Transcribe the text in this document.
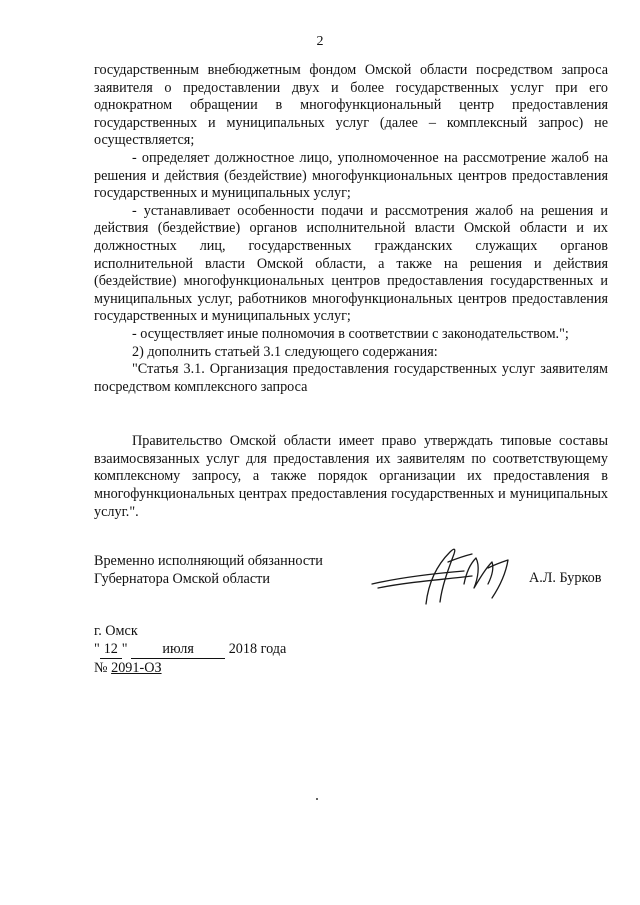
2

государственным внебюджетным фондом Омской области посредством запроса заявителя о предоставлении двух и более государственных услуг при его однократном обращении в многофункциональный центр предоставления государственных и муниципальных услуг (далее – комплексный запрос) не осуществляется;

- определяет должностное лицо, уполномоченное на рассмотрение жалоб на решения и действия (бездействие) многофункциональных центров предоставления государственных и муниципальных услуг;

- устанавливает особенности подачи и рассмотрения жалоб на решения и действия (бездействие) органов исполнительной власти Омской области и их должностных лиц, государственных гражданских служащих органов исполнительной власти Омской области, а также на решения и действия (бездействие) многофункциональных центров предоставления государственных и муниципальных услуг, работников многофункциональных центров предоставления государственных и муниципальных услуг;

- осуществляет иные полномочия в соответствии с законодательством.";

2) дополнить статьей 3.1 следующего содержания:

"Статья 3.1. Организация предоставления государственных услуг заявителям посредством комплексного запроса

Правительство Омской области имеет право утверждать типовые составы взаимосвязанных услуг для предоставления их заявителям по соответствующему комплексному запросу, а также порядок организации их предоставления в многофункциональных центрах предоставления государственных и муниципальных услуг.".

Временно исполняющий обязанности
Губернатора Омской области	А.Л. Бурков
г. Омск
" 12 " июля 2018 года
№ 2091-ОЗ
